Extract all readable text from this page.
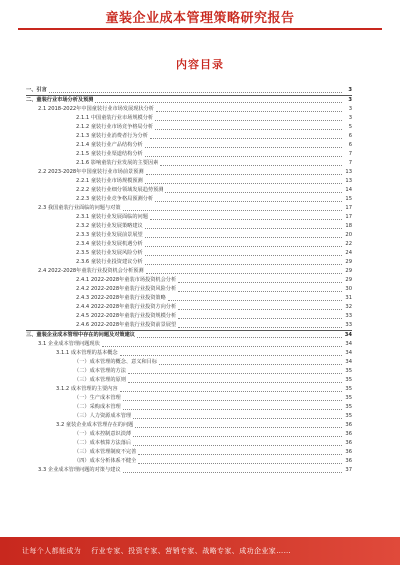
童装企业成本管理策略研究报告
内容目录
一、引言	3
二、童装行业市场分析及预测	3
2.1 2018-2022年中国童装行业市场发展现状分析	3
2.1.1 中国童装行业市场规模分析	3
2.1.2 童装行业市场竞争格局分析	5
2.1.3 童装行业消费者行为分析	6
2.1.4 童装行业产品结构分析	6
2.1.5 童装行业渠道结构分析	7
2.1.6 影响童装行业发展的主要因素	7
2.2 2023-2028年中国童装行业市场前景预测	13
2.2.1 童装行业市场规模预测	13
2.2.2 童装行业细分领域发展趋势预测	14
2.2.3 童装行业竞争格局预测分析	15
2.3 我国童装行业面临的问题与对策	17
2.3.1 童装行业发展面临的问题	17
2.3.2 童装行业发展策略建议	18
2.3.3 童装行业发展前景展望	20
2.3.4 童装行业发展机遇分析	22
2.3.5 童装行业发展风险分析	24
2.3.6 童装行业投资建议分析	29
2.4 2022-2028年童装行业投资机会分析预测	29
2.4.1 2022-2028年童装市场投资机会分析	29
2.4.2 2022-2028年童装行业投资风险分析	30
2.4.3 2022-2028年童装行业投资策略	31
2.4.4 2022-2028年童装行业投资方向分析	32
2.4.5 2022-2028年童装行业投资规模分析	33
2.4.6 2022-2028年童装行业投资前景展望	33
三、童装企业成本管理中存在的问题及对策建议	34
3.1 企业成本管理问题现状	34
3.1.1 成本管理的基本概念	34
（一）成本管理的概念、意义和目标	34
（二）成本管理的方法	35
（三）成本管理的原则	35
3.1.2 成本管理的主要内容	35
（一）生产成本管理	35
（二）采购成本管理	35
（三）人力资源成本管理	35
3.2 童装企业成本管理存在的问题	36
（一）成本控制意识淡薄	36
（二）成本核算方法落后	36
（三）成本管理制度不完善	36
（四）成本分析体系不健全	36
3.3 企业成本管理问题的对策与建议	37
让每个人都能成为 行业专家、投资专家、营销专家、战略专家、成功企业家……
